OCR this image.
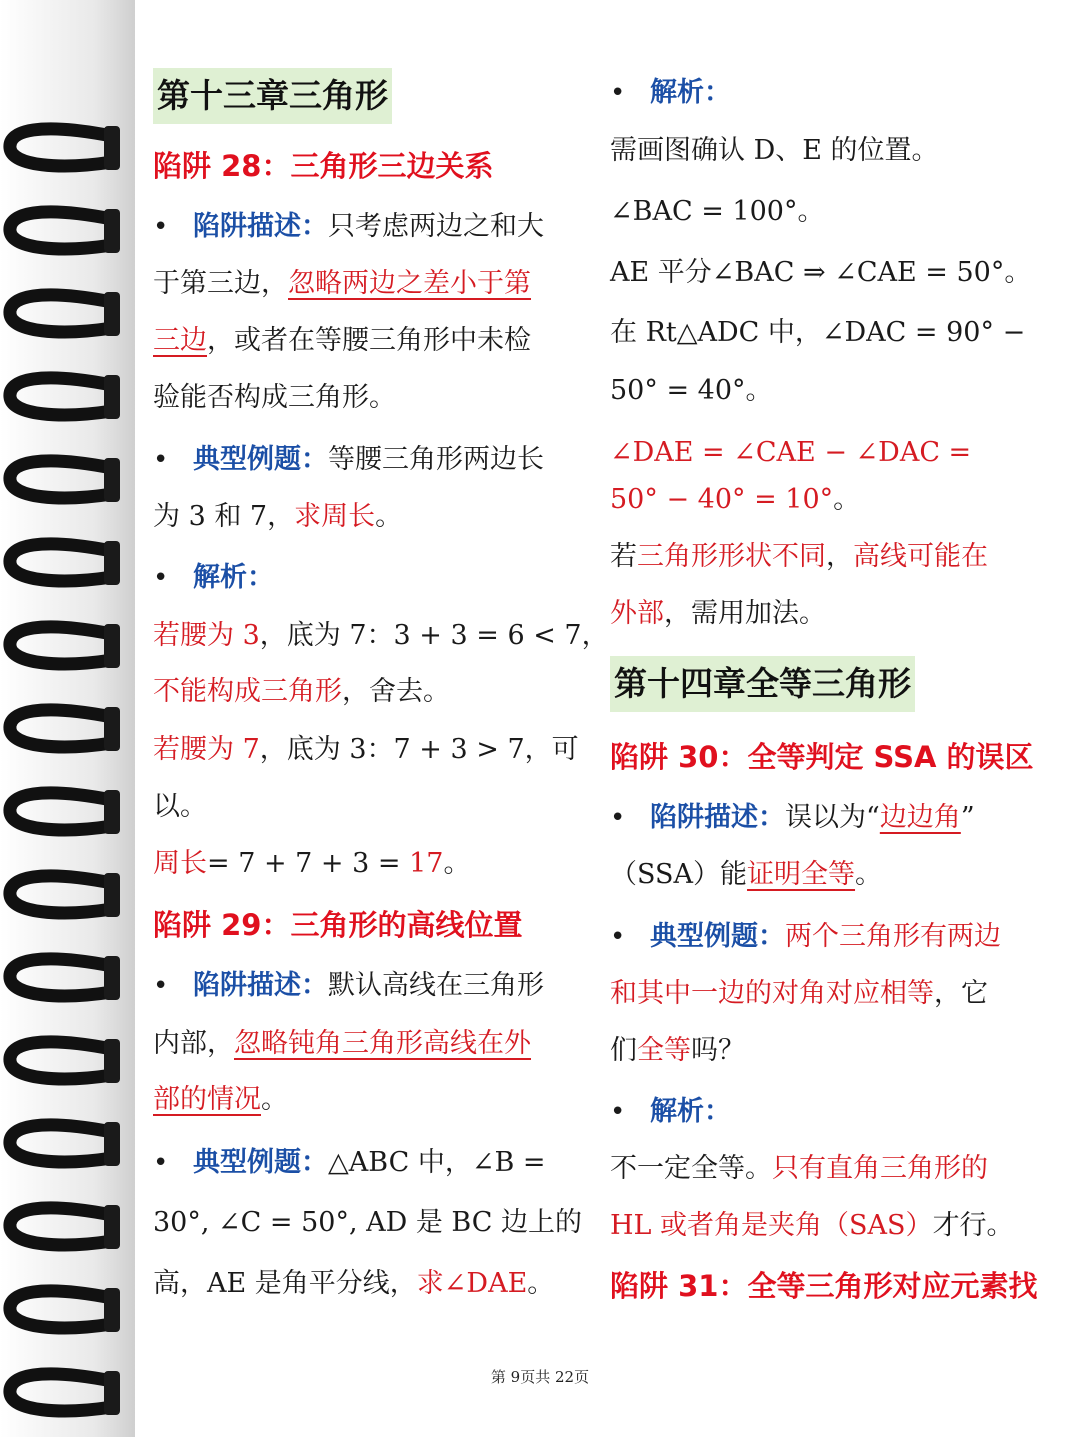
第十三章三角形
陷阱 28：三角形三边关系
• 陷阱描述：只考虑两边之和大
于第三边，忽略两边之差小于第
三边，或者在等腰三角形中未检
验能否构成三角形。
• 典型例题：等腰三角形两边长
为 3 和 7，求周长。
• 解析：
若腰为 3，底为 7：3 + 3 = 6 < 7，
不能构成三角形，舍去。
若腰为 7，底为 3：7 + 3 > 7，可
以。
周长= 7 + 7 + 3 = 17。
陷阱 29：三角形的高线位置
• 陷阱描述：默认高线在三角形
内部，忽略钝角三角形高线在外
部的情况。
• 典型例题：△ABC 中，∠B =
30°, ∠C = 50°, AD 是 BC 边上的
高，AE 是角平分线，求∠DAE。
• 解析：
需画图确认 D、E 的位置。
∠BAC = 100°。
AE 平分∠BAC ⇒ ∠CAE = 50°。
在 Rt△ADC 中，∠DAC = 90° −
50° = 40°。
∠DAE = ∠CAE − ∠DAC =
50° − 40° = 10°。
若三角形形状不同，高线可能在
外部，需用加法。
第十四章全等三角形
陷阱 30：全等判定 SSA 的误区
• 陷阱描述：误以为“边边角”
（SSA）能证明全等。
• 典型例题：两个三角形有两边
和其中一边的对角对应相等，它
们全等吗？
• 解析：
不一定全等。只有直角三角形的
HL 或者角是夹角（SAS）才行。
陷阱 31：全等三角形对应元素找
第 9页共 22页
